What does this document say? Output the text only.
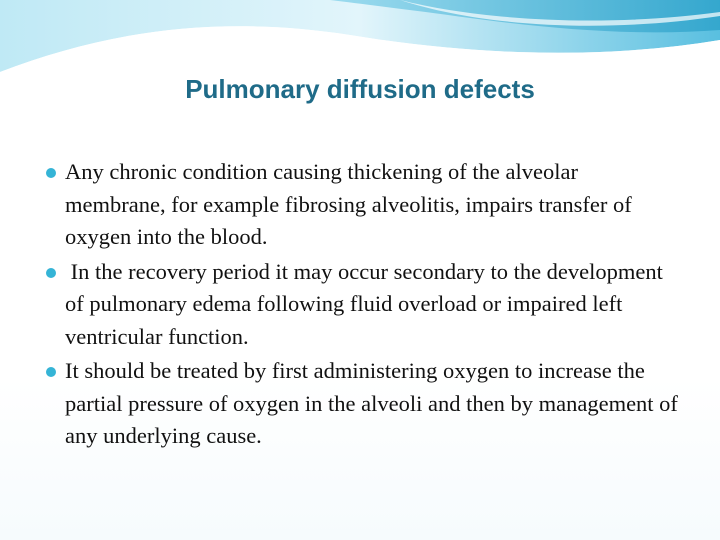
Pulmonary diffusion defects
Any chronic condition causing thickening of the alveolar membrane, for example fibrosing alveolitis, impairs transfer of oxygen into the blood.
In the recovery period it may occur secondary to the development of pulmonary edema following fluid overload or impaired left ventricular function.
It should be treated by first administering oxygen to increase the partial pressure of oxygen in the alveoli and then by management of any underlying cause.
